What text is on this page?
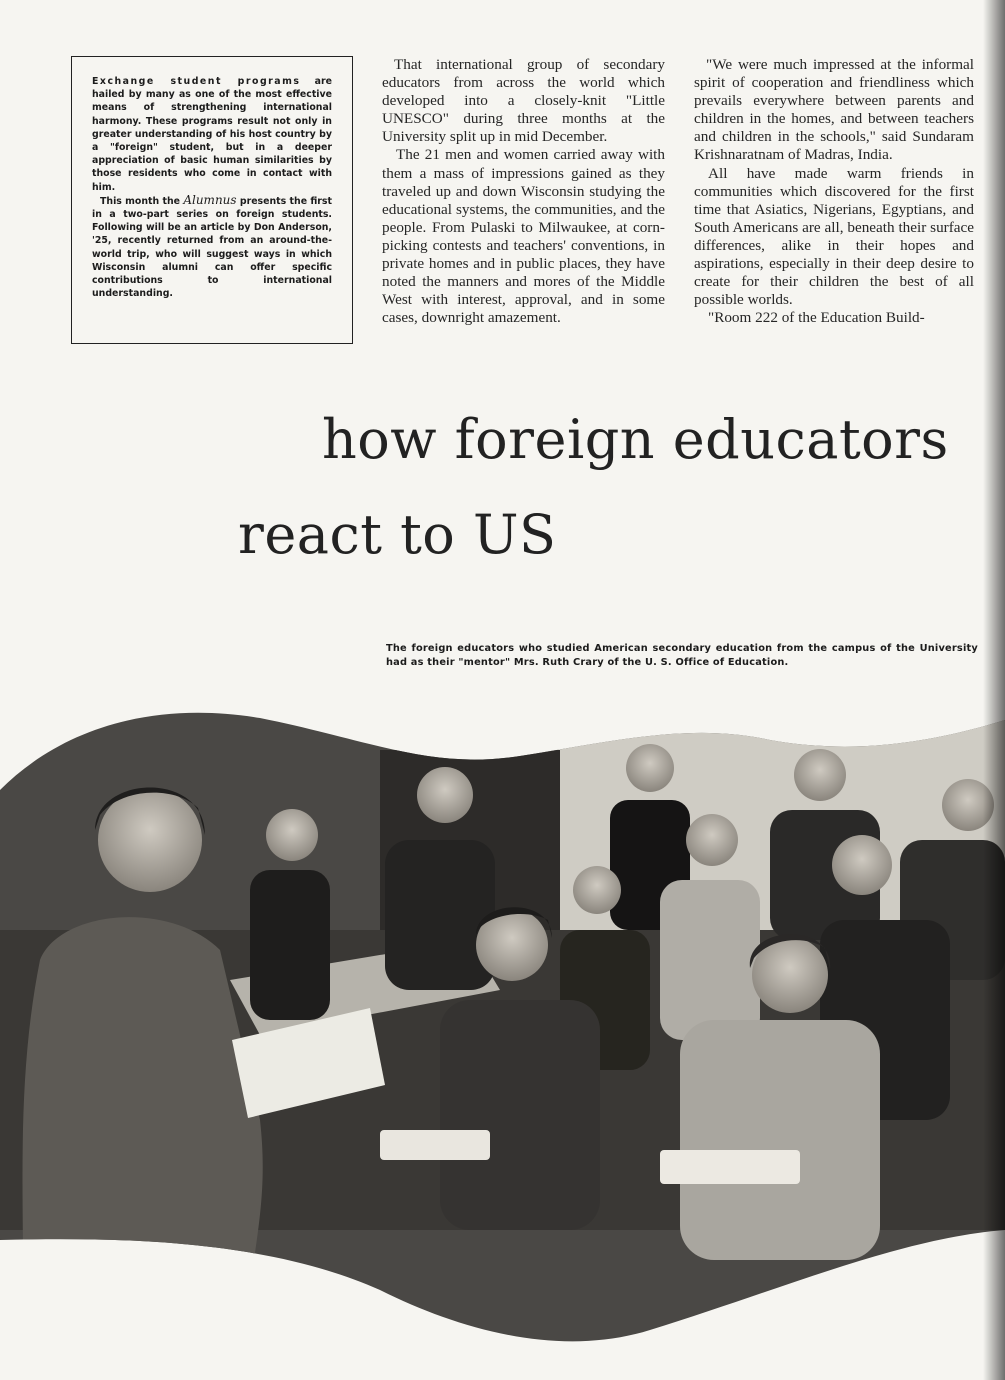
Exchange student programs are hailed by many as one of the most effective means of strengthening international harmony. These programs result not only in greater understanding of his host country by a "foreign" student, but in a deeper appreciation of basic human similarities by those residents who come in contact with him.

This month the Alumnus presents the first in a two-part series on foreign students. Following will be an article by Don Anderson, '25, recently returned from an around-the-world trip, who will suggest ways in which Wisconsin alumni can offer specific contributions to international understanding.

That international group of secondary educators from across the world which developed into a closely-knit "Little UNESCO" during three months at the University split up in mid December.

The 21 men and women carried away with them a mass of impressions gained as they traveled up and down Wisconsin studying the educational systems, the communities, and the people. From Pulaski to Milwaukee, at corn-picking contests and teachers' conventions, in private homes and in public places, they have noted the manners and mores of the Middle West with interest, approval, and in some cases, downright amazement.

"We were much impressed at the informal spirit of cooperation and friendliness which prevails everywhere between parents and children in the homes, and between teachers and children in the schools," said Sundaram Krishnaratnam of Madras, India.

All have made warm friends in communities which discovered for the first time that Asiatics, Nigerians, Egyptians, and South Americans are all, beneath their surface differences, alike in their hopes and aspirations, especially in their deep desire to create for their children the best of all possible worlds.

"Room 222 of the Education Build-

how foreign educators
react to US

The foreign educators who studied American secondary education from the campus of the University had as their "mentor" Mrs. Ruth Crary of the U. S. Office of Education.
